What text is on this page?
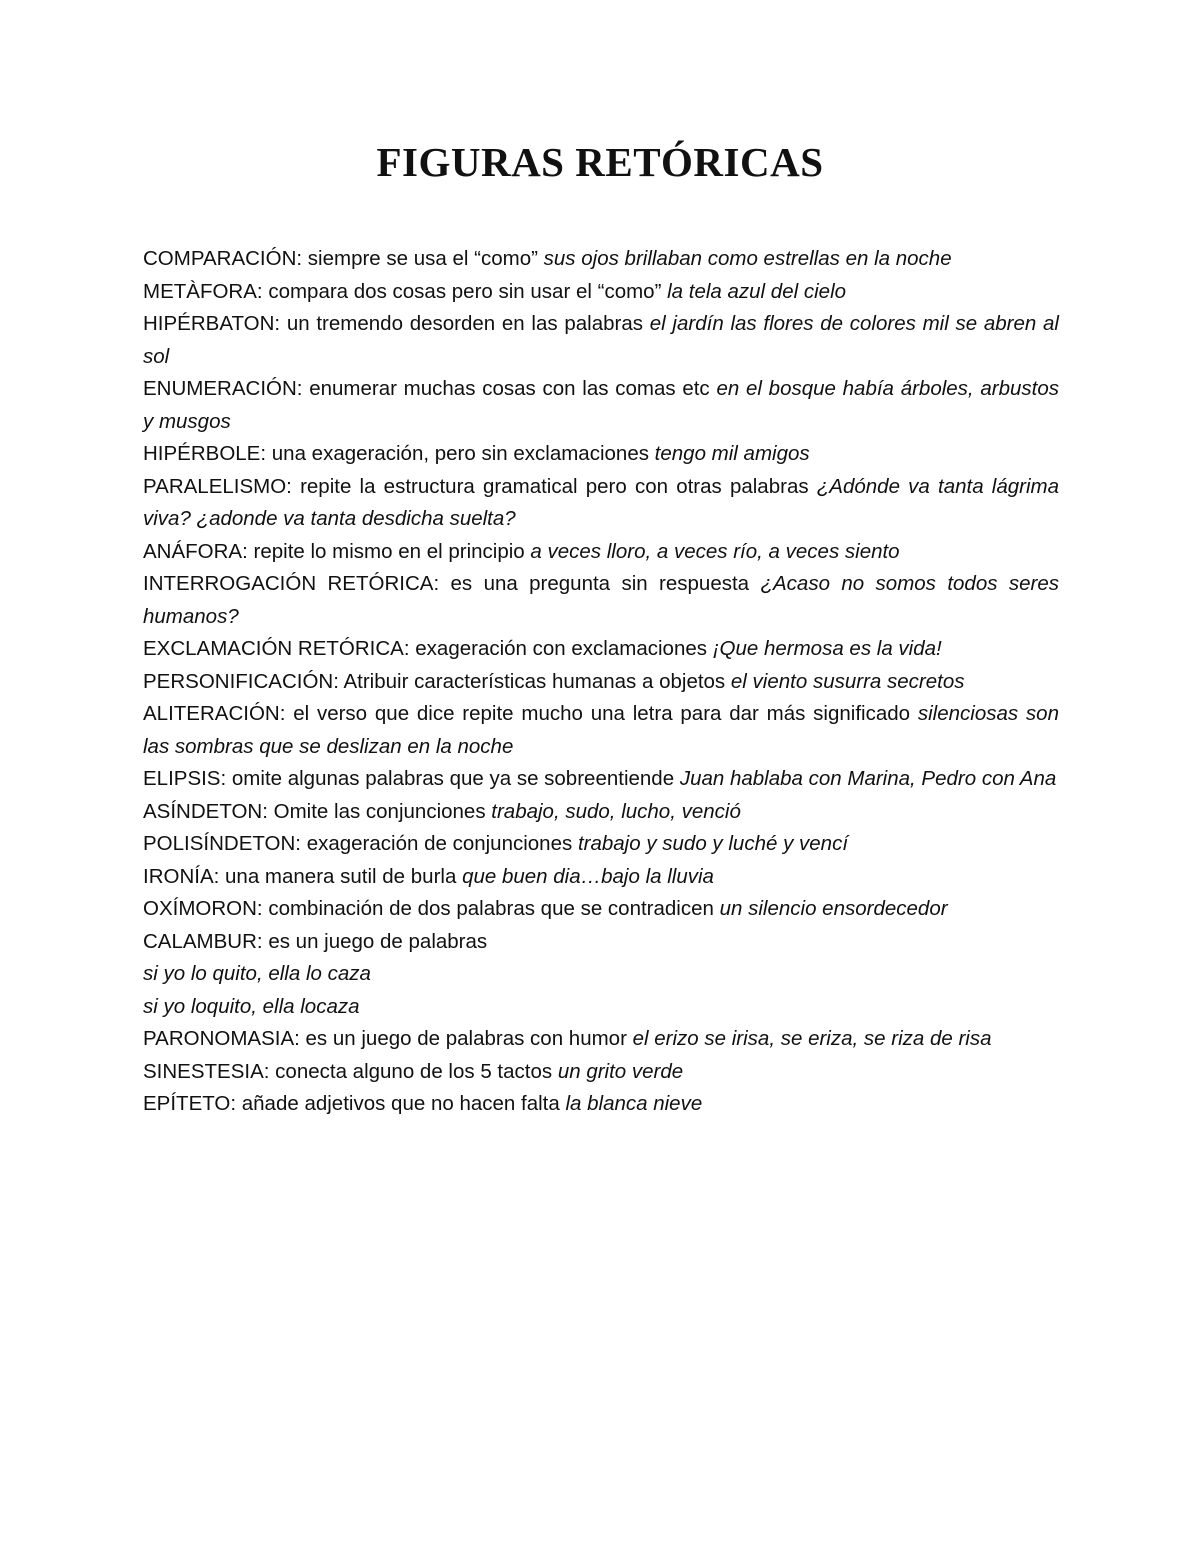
FIGURAS RETÓRICAS

COMPARACIÓN: siempre se usa el “como” sus ojos brillaban como estrellas en la noche

METÀFORA: compara dos cosas pero sin usar el “como” la tela azul del cielo

HIPÉRBATON: un tremendo desorden en las palabras el jardín las flores de colores mil se abren al sol

ENUMERACIÓN: enumerar muchas cosas con las comas etc en el bosque había árboles, arbustos y musgos

HIPÉRBOLE: una exageración, pero sin exclamaciones tengo mil amigos

PARALELISMO: repite la estructura gramatical pero con otras palabras ¿Adónde va tanta lágrima viva? ¿adonde va tanta desdicha suelta?

ANÁFORA: repite lo mismo en el principio a veces lloro, a veces río, a veces siento

INTERROGACIÓN RETÓRICA: es una pregunta sin respuesta ¿Acaso no somos todos seres humanos?

EXCLAMACIÓN RETÓRICA: exageración con exclamaciones ¡Que hermosa es la vida!

PERSONIFICACIÓN: Atribuir características humanas a objetos el viento susurra secretos

ALITERACIÓN: el verso que dice repite mucho una letra para dar más significado silenciosas son las sombras que se deslizan en la noche

ELIPSIS: omite algunas palabras que ya se sobreentiende Juan hablaba con Marina, Pedro con Ana

ASÍNDETON: Omite las conjunciones trabajo, sudo, lucho, venció

POLISÍNDETON: exageración de conjunciones trabajo y sudo y luché y vencí

IRONÍA: una manera sutil de burla que buen dia…bajo la lluvia

OXÍMORON: combinación de dos palabras que se contradicen un silencio ensordecedor

CALAMBUR: es un juego de palabras

si yo lo quito, ella lo caza

si yo loquito, ella locaza

PARONOMASIA: es un juego de palabras con humor el erizo se irisa, se eriza, se riza de risa

SINESTESIA: conecta alguno de los 5 tactos un grito verde

EPÍTETO: añade adjetivos que no hacen falta la blanca nieve
